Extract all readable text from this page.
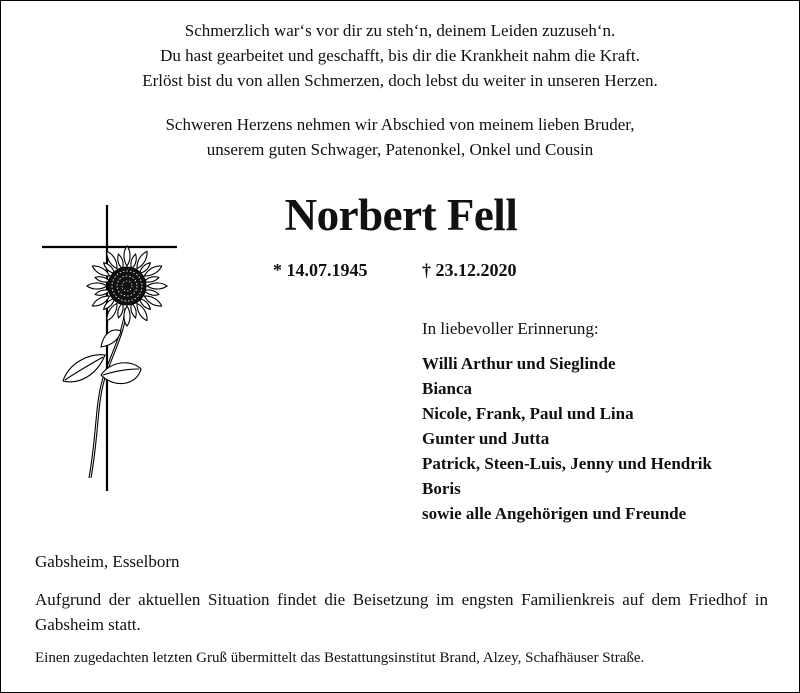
Schmerzlich war‘s vor dir zu steh‘n, deinem Leiden zuzuseh‘n.
Du hast gearbeitet und geschafft, bis dir die Krankheit nahm die Kraft.
Erlöst bist du von allen Schmerzen, doch lebst du weiter in unseren Herzen.
Schweren Herzens nehmen wir Abschied von meinem lieben Bruder,
unserem guten Schwager, Patenonkel, Onkel und Cousin
Norbert Fell
* 14.07.1945	† 23.12.2020
In liebevoller Erinnerung:
Willi Arthur und Sieglinde
Bianca
Nicole, Frank, Paul und Lina
Gunter und Jutta
Patrick, Steen-Luis, Jenny und Hendrik
Boris
sowie alle Angehörigen und Freunde
Gabsheim, Esselborn
Aufgrund der aktuellen Situation findet die Beisetzung im engsten Familienkreis auf dem Friedhof in Gabsheim statt.
Einen zugedachten letzten Gruß übermittelt das Bestattungsinstitut Brand, Alzey, Schafhäuser Straße.
